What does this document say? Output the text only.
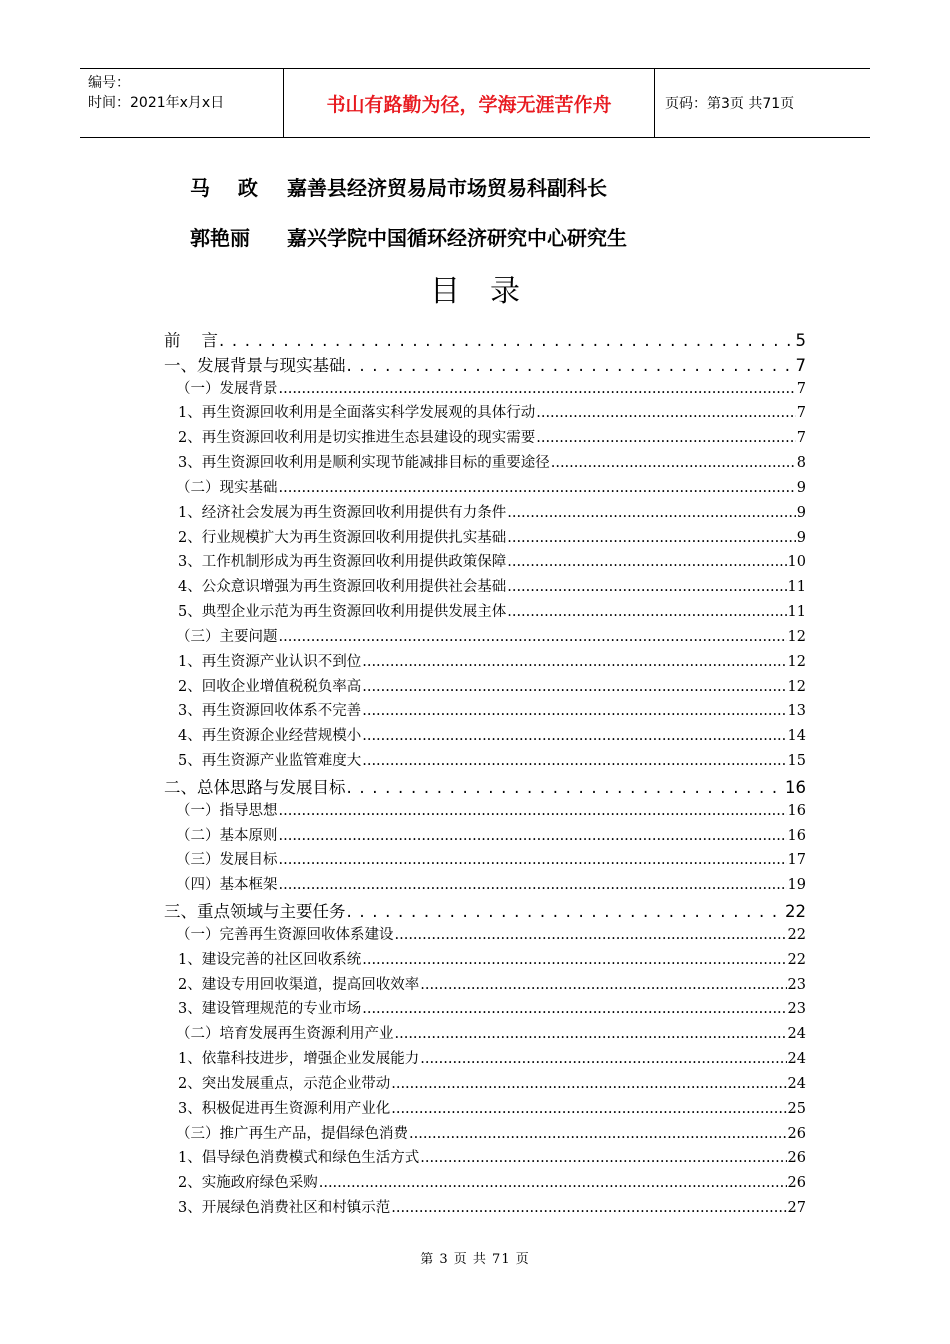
编号：
时间：2021年x月x日	书山有路勤为径，学海无涯苦作舟	页码：第3页 共71页
马    政 嘉善县经济贸易局市场贸易科副科长
郭艳丽 嘉兴学院中国循环经济研究中心研究生
目录
前    言 . . .	5
一、发展背景与现实基础 . . .	7
（一）发展背景 .....	7
1、再生资源回收利用是全面落实科学发展观的具体行动 .....	7
2、再生资源回收利用是切实推进生态县建设的现实需要 .....	7
3、再生资源回收利用是顺利实现节能减排目标的重要途径 .....	8
（二）现实基础 .....	9
1、经济社会发展为再生资源回收利用提供有力条件 .....	9
2、行业规模扩大为再生资源回收利用提供扎实基础 .....	9
3、工作机制形成为再生资源回收利用提供政策保障 .....	10
4、公众意识增强为再生资源回收利用提供社会基础 .....	11
5、典型企业示范为再生资源回收利用提供发展主体 .....	11
（三）主要问题 .....	12
1、再生资源产业认识不到位 .....	12
2、回收企业增值税税负率高 .....	12
3、再生资源回收体系不完善 .....	13
4、再生资源企业经营规模小 .....	14
5、再生资源产业监管难度大 .....	15
二、总体思路与发展目标 . . .	16
（一）指导思想 .....	16
（二）基本原则 .....	16
（三）发展目标 .....	17
（四）基本框架 .....	19
三、重点领域与主要任务 . . .	22
（一）完善再生资源回收体系建设 .....	22
1、建设完善的社区回收系统 .....	22
2、建设专用回收渠道，提高回收效率 .....	23
3、建设管理规范的专业市场 .....	23
（二）培育发展再生资源利用产业 .....	24
1、依靠科技进步，增强企业发展能力 .....	24
2、突出发展重点，示范企业带动 .....	24
3、积极促进再生资源利用产业化 .....	25
（三）推广再生产品，提倡绿色消费 .....	26
1、倡导绿色消费模式和绿色生活方式 .....	26
2、实施政府绿色采购 .....	26
3、开展绿色消费社区和村镇示范 .....	27
第 3 页 共 71 页
